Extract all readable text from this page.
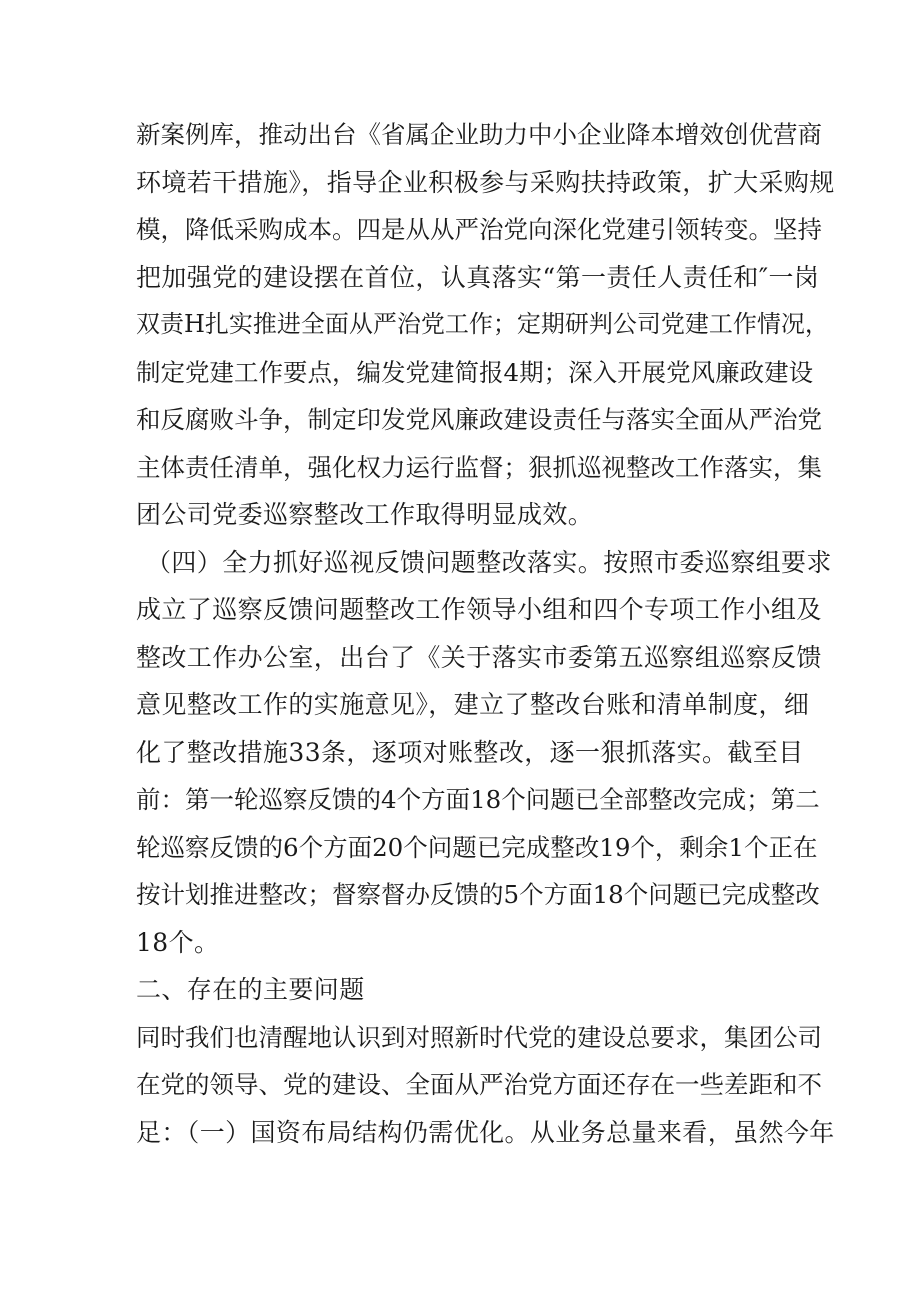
新案例库，推动出台《省属企业助力中小企业降本增效创优营商
环境若干措施》，指导企业积极参与采购扶持政策，扩大采购规
模，降低采购成本。四是从从严治党向深化党建引领转变。坚持
把加强党的建设摆在首位，认真落实“第一责任人责任和″一岗
双责H扎实推进全面从严治党工作；定期研判公司党建工作情况，
制定党建工作要点，编发党建简报4期；深入开展党风廉政建设
和反腐败斗争，制定印发党风廉政建设责任与落实全面从严治党
主体责任清单，强化权力运行监督；狠抓巡视整改工作落实，集
团公司党委巡察整改工作取得明显成效。
（四）全力抓好巡视反馈问题整改落实。按照市委巡察组要求
成立了巡察反馈问题整改工作领导小组和四个专项工作小组及
整改工作办公室，出台了《关于落实市委第五巡察组巡察反馈
意见整改工作的实施意见》，建立了整改台账和清单制度，细
化了整改措施33条，逐项对账整改，逐一狠抓落实。截至目
前：第一轮巡察反馈的4个方面18个问题已全部整改完成；第二
轮巡察反馈的6个方面20个问题已完成整改19个，剩余1个正在
按计划推进整改；督察督办反馈的5个方面18个问题已完成整改
18个。
二、存在的主要问题
同时我们也清醒地认识到对照新时代党的建设总要求，集团公司
在党的领导、党的建设、全面从严治党方面还存在一些差距和不
足：（一）国资布局结构仍需优化。从业务总量来看，虽然今年
